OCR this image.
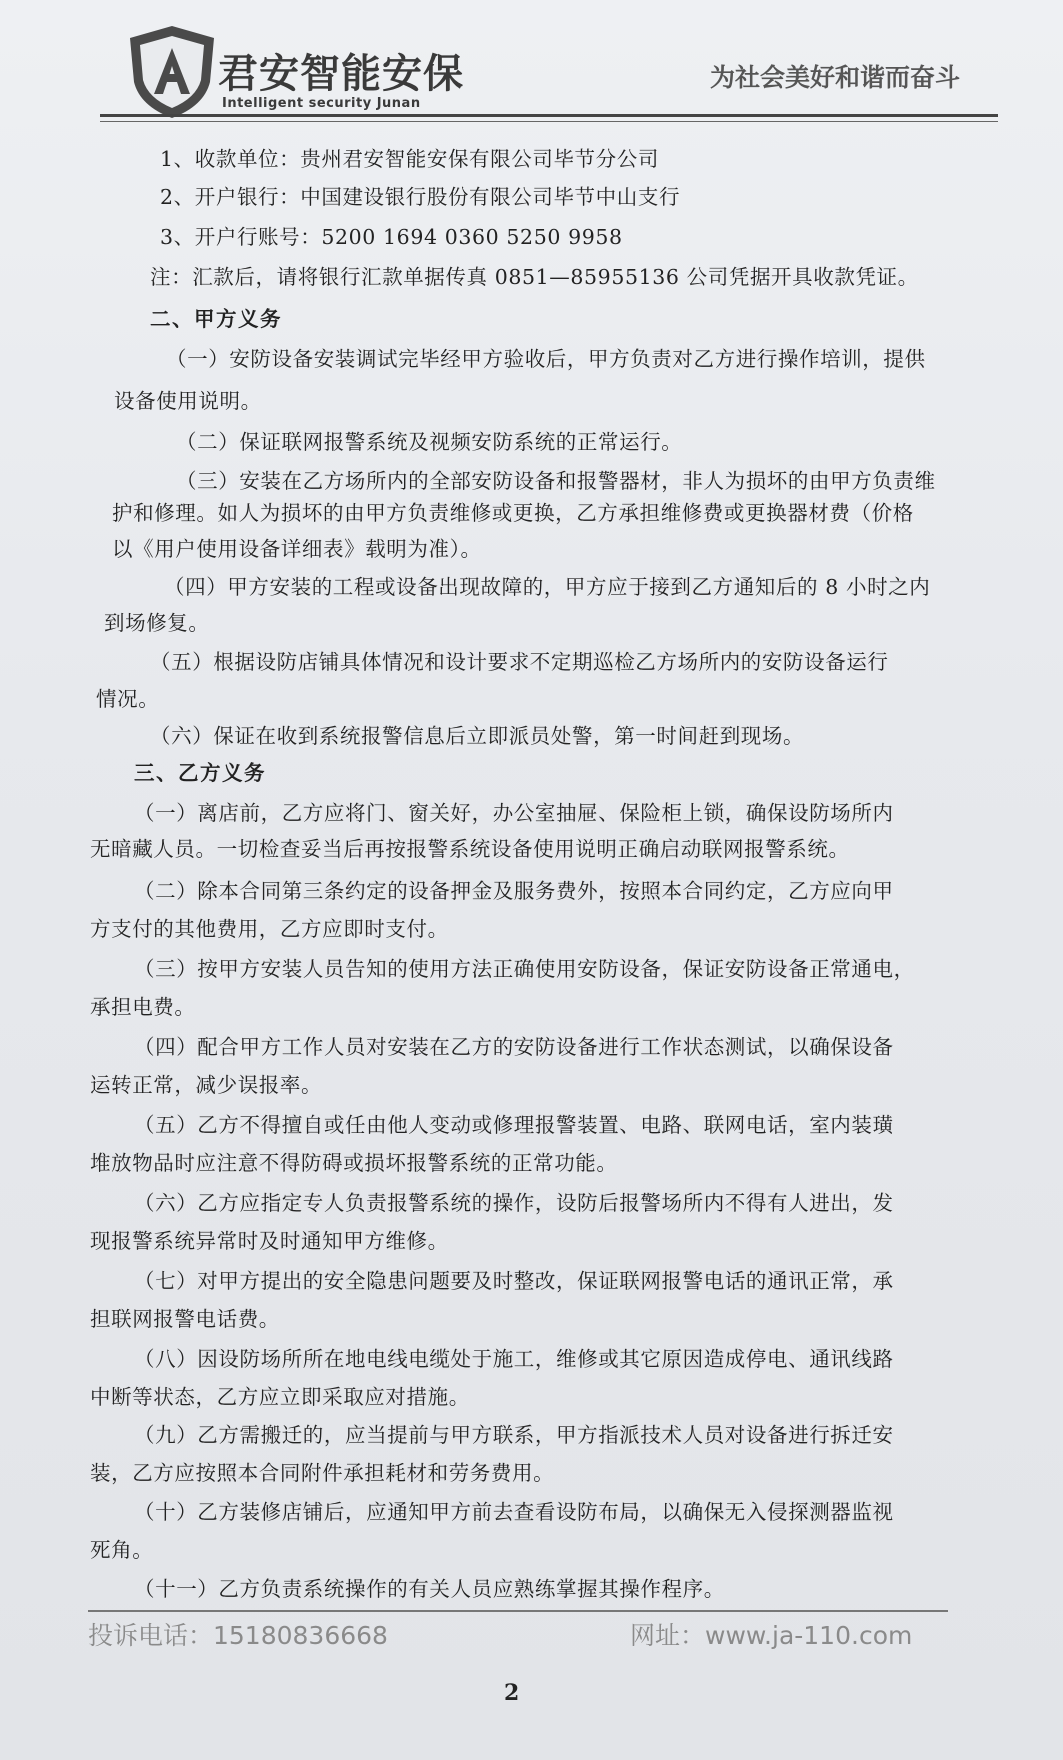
君安智能安保
Intelligent security Junan
为社会美好和谐而奋斗
1、收款单位：贵州君安智能安保有限公司毕节分公司
2、开户银行：中国建设银行股份有限公司毕节中山支行
3、开户行账号：5200 1694 0360 5250 9958
注：汇款后，请将银行汇款单据传真 0851—85955136 公司凭据开具收款凭证。
二、甲方义务
（一）安防设备安装调试完毕经甲方验收后，甲方负责对乙方进行操作培训，提供
设备使用说明。
（二）保证联网报警系统及视频安防系统的正常运行。
（三）安装在乙方场所内的全部安防设备和报警器材，非人为损坏的由甲方负责维
护和修理。如人为损坏的由甲方负责维修或更换，乙方承担维修费或更换器材费（价格
以《用户使用设备详细表》载明为准）。
（四）甲方安装的工程或设备出现故障的，甲方应于接到乙方通知后的 8 小时之内
到场修复。
（五）根据设防店铺具体情况和设计要求不定期巡检乙方场所内的安防设备运行
情况。
（六）保证在收到系统报警信息后立即派员处警，第一时间赶到现场。
三、乙方义务
（一）离店前，乙方应将门、窗关好，办公室抽屉、保险柜上锁，确保设防场所内
无暗藏人员。一切检查妥当后再按报警系统设备使用说明正确启动联网报警系统。
（二）除本合同第三条约定的设备押金及服务费外，按照本合同约定，乙方应向甲
方支付的其他费用，乙方应即时支付。
（三）按甲方安装人员告知的使用方法正确使用安防设备，保证安防设备正常通电，
承担电费。
（四）配合甲方工作人员对安装在乙方的安防设备进行工作状态测试，以确保设备
运转正常，减少误报率。
（五）乙方不得擅自或任由他人变动或修理报警装置、电路、联网电话，室内装璜
堆放物品时应注意不得防碍或损坏报警系统的正常功能。
（六）乙方应指定专人负责报警系统的操作，设防后报警场所内不得有人进出，发
现报警系统异常时及时通知甲方维修。
（七）对甲方提出的安全隐患问题要及时整改，保证联网报警电话的通讯正常，承
担联网报警电话费。
（八）因设防场所所在地电线电缆处于施工，维修或其它原因造成停电、通讯线路
中断等状态，乙方应立即采取应对措施。
（九）乙方需搬迁的，应当提前与甲方联系，甲方指派技术人员对设备进行拆迁安
装，乙方应按照本合同附件承担耗材和劳务费用。
（十）乙方装修店铺后，应通知甲方前去查看设防布局，以确保无入侵探测器监视
死角。
（十一）乙方负责系统操作的有关人员应熟练掌握其操作程序。
投诉电话：15180836668	网址：www.ja-110.com
2
